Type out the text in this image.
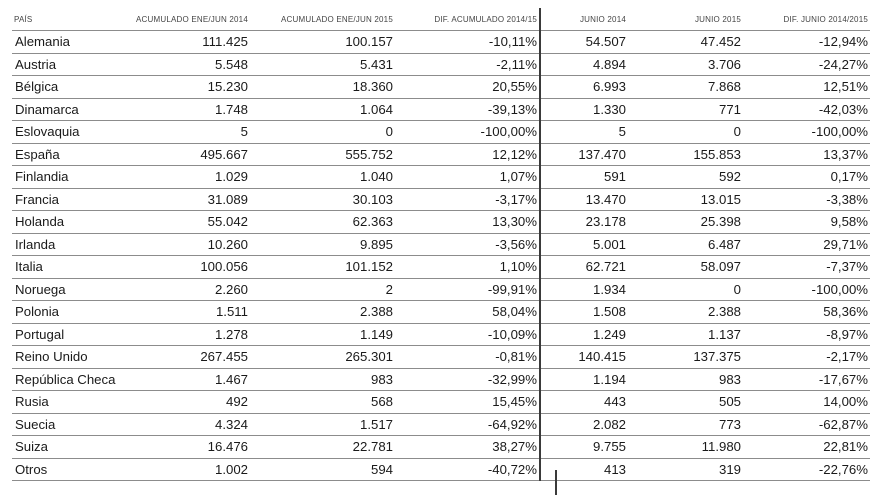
PAÍS	ACUMULADO ENE/JUN 2014	ACUMULADO ENE/JUN 2015	DIF. ACUMULADO 2014/15	JUNIO 2014	JUNIO 2015	DIF. JUNIO 2014/2015
Alemania	111.425	100.157	-10,11%	54.507	47.452	-12,94%
Austria	5.548	5.431	-2,11%	4.894	3.706	-24,27%
Bélgica	15.230	18.360	20,55%	6.993	7.868	12,51%
Dinamarca	1.748	1.064	-39,13%	1.330	771	-42,03%
Eslovaquia	5	0	-100,00%	5	0	-100,00%
España	495.667	555.752	12,12%	137.470	155.853	13,37%
Finlandia	1.029	1.040	1,07%	591	592	0,17%
Francia	31.089	30.103	-3,17%	13.470	13.015	-3,38%
Holanda	55.042	62.363	13,30%	23.178	25.398	9,58%
Irlanda	10.260	9.895	-3,56%	5.001	6.487	29,71%
Italia	100.056	101.152	1,10%	62.721	58.097	-7,37%
Noruega	2.260	2	-99,91%	1.934	0	-100,00%
Polonia	1.511	2.388	58,04%	1.508	2.388	58,36%
Portugal	1.278	1.149	-10,09%	1.249	1.137	-8,97%
Reino Unido	267.455	265.301	-0,81%	140.415	137.375	-2,17%
República Checa	1.467	983	-32,99%	1.194	983	-17,67%
Rusia	492	568	15,45%	443	505	14,00%
Suecia	4.324	1.517	-64,92%	2.082	773	-62,87%
Suiza	16.476	22.781	38,27%	9.755	11.980	22,81%
Otros	1.002	594	-40,72%	413	319	-22,76%
